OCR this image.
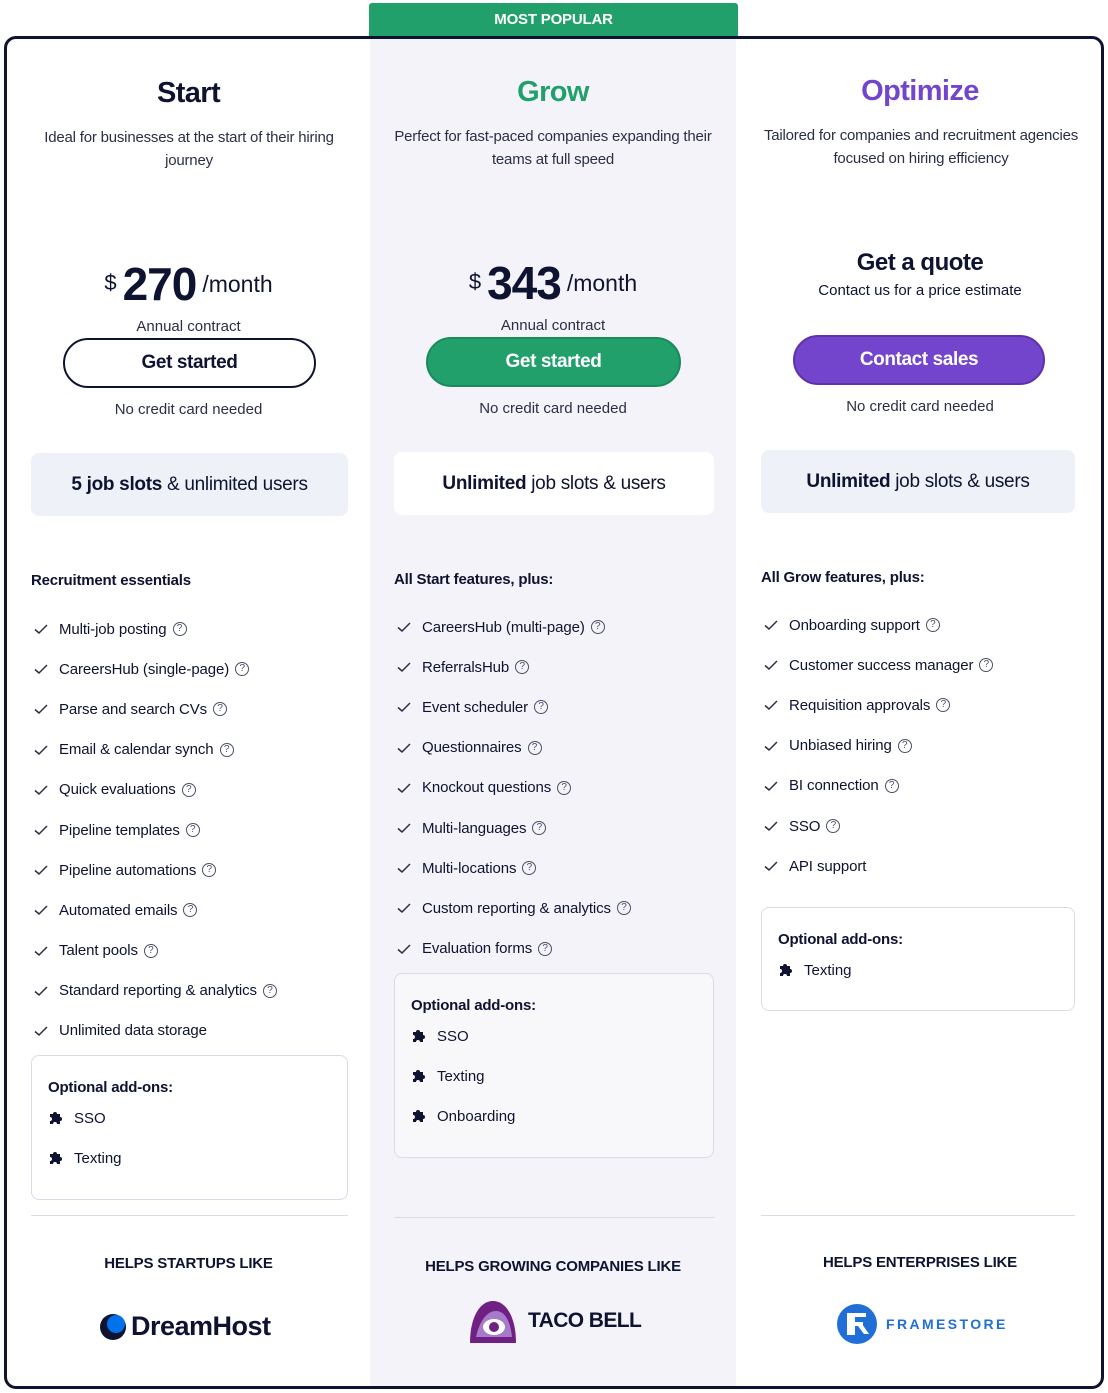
MOST POPULAR
Start
Ideal for businesses at the start of their hiring journey
$ 270 /month
Annual contract
Get started
No credit card needed
5 job slots & unlimited users
Recruitment essentials
Multi-job posting	?
CareersHub (single-page)	?
Parse and search CVs	?
Email & calendar synch	?
Quick evaluations	?
Pipeline templates	?
Pipeline automations	?
Automated emails	?
Talent pools	?
Standard reporting & analytics	?
Unlimited data storage
Optional add-ons:
SSO
Texting
HELPS STARTUPS LIKE
DreamHost
Grow
Perfect for fast-paced companies expanding their teams at full speed
$ 343 /month
Annual contract
Get started
No credit card needed
Unlimited job slots & users
All Start features, plus:
CareersHub (multi-page)	?
ReferralsHub	?
Event scheduler	?
Questionnaires	?
Knockout questions	?
Multi-languages	?
Multi-locations	?
Custom reporting & analytics	?
Evaluation forms	?
Optional add-ons:
SSO
Texting
Onboarding
HELPS GROWING COMPANIES LIKE
TACO BELL
Optimize
Tailored for companies and recruitment agencies focused on hiring efficiency
Get a quote
Contact us for a price estimate
Contact sales
No credit card needed
Unlimited job slots & users
All Grow features, plus:
Onboarding support	?
Customer success manager	?
Requisition approvals	?
Unbiased hiring	?
BI connection	?
SSO	?
API support
Optional add-ons:
Texting
HELPS ENTERPRISES LIKE
FRAMESTORE
